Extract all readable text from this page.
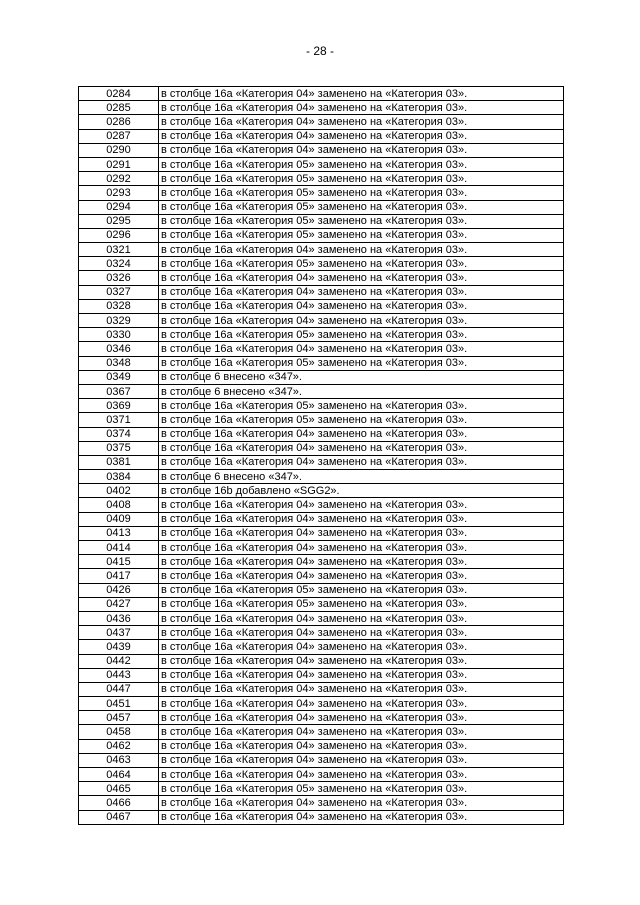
- 28 -
0284	в столбце 16a «Категория 04» заменено на «Категория 03».
0285	в столбце 16a «Категория 04» заменено на «Категория 03».
0286	в столбце 16a «Категория 04» заменено на «Категория 03».
0287	в столбце 16a «Категория 04» заменено на «Категория 03».
0290	в столбце 16a «Категория 04» заменено на «Категория 03».
0291	в столбце 16a «Категория 05» заменено на «Категория 03».
0292	в столбце 16a «Категория 05» заменено на «Категория 03».
0293	в столбце 16a «Категория 05» заменено на «Категория 03».
0294	в столбце 16a «Категория 05» заменено на «Категория 03».
0295	в столбце 16a «Категория 05» заменено на «Категория 03».
0296	в столбце 16a «Категория 05» заменено на «Категория 03».
0321	в столбце 16a «Категория 04» заменено на «Категория 03».
0324	в столбце 16a «Категория 05» заменено на «Категория 03».
0326	в столбце 16a «Категория 04» заменено на «Категория 03».
0327	в столбце 16a «Категория 04» заменено на «Категория 03».
0328	в столбце 16a «Категория 04» заменено на «Категория 03».
0329	в столбце 16a «Категория 04» заменено на «Категория 03».
0330	в столбце 16a «Категория 05» заменено на «Категория 03».
0346	в столбце 16a «Категория 04» заменено на «Категория 03».
0348	в столбце 16a «Категория 05» заменено на «Категория 03».
0349	в столбце 6 внесено «347».
0367	в столбце 6 внесено «347».
0369	в столбце 16a «Категория 05» заменено на «Категория 03».
0371	в столбце 16a «Категория 05» заменено на «Категория 03».
0374	в столбце 16a «Категория 04» заменено на «Категория 03».
0375	в столбце 16a «Категория 04» заменено на «Категория 03».
0381	в столбце 16a «Категория 04» заменено на «Категория 03».
0384	в столбце 6 внесено «347».
0402	в столбце 16b добавлено «SGG2».
0408	в столбце 16a «Категория 04» заменено на «Категория 03».
0409	в столбце 16a «Категория 04» заменено на «Категория 03».
0413	в столбце 16a «Категория 04» заменено на «Категория 03».
0414	в столбце 16a «Категория 04» заменено на «Категория 03».
0415	в столбце 16a «Категория 04» заменено на «Категория 03».
0417	в столбце 16a «Категория 04» заменено на «Категория 03».
0426	в столбце 16a «Категория 05» заменено на «Категория 03».
0427	в столбце 16a «Категория 05» заменено на «Категория 03».
0436	в столбце 16a «Категория 04» заменено на «Категория 03».
0437	в столбце 16a «Категория 04» заменено на «Категория 03».
0439	в столбце 16a «Категория 04» заменено на «Категория 03».
0442	в столбце 16a «Категория 04» заменено на «Категория 03».
0443	в столбце 16a «Категория 04» заменено на «Категория 03».
0447	в столбце 16a «Категория 04» заменено на «Категория 03».
0451	в столбце 16a «Категория 04» заменено на «Категория 03».
0457	в столбце 16a «Категория 04» заменено на «Категория 03».
0458	в столбце 16a «Категория 04» заменено на «Категория 03».
0462	в столбце 16a «Категория 04» заменено на «Категория 03».
0463	в столбце 16a «Категория 04» заменено на «Категория 03».
0464	в столбце 16a «Категория 04» заменено на «Категория 03».
0465	в столбце 16a «Категория 05» заменено на «Категория 03».
0466	в столбце 16a «Категория 04» заменено на «Категория 03».
0467	в столбце 16a «Категория 04» заменено на «Категория 03».
